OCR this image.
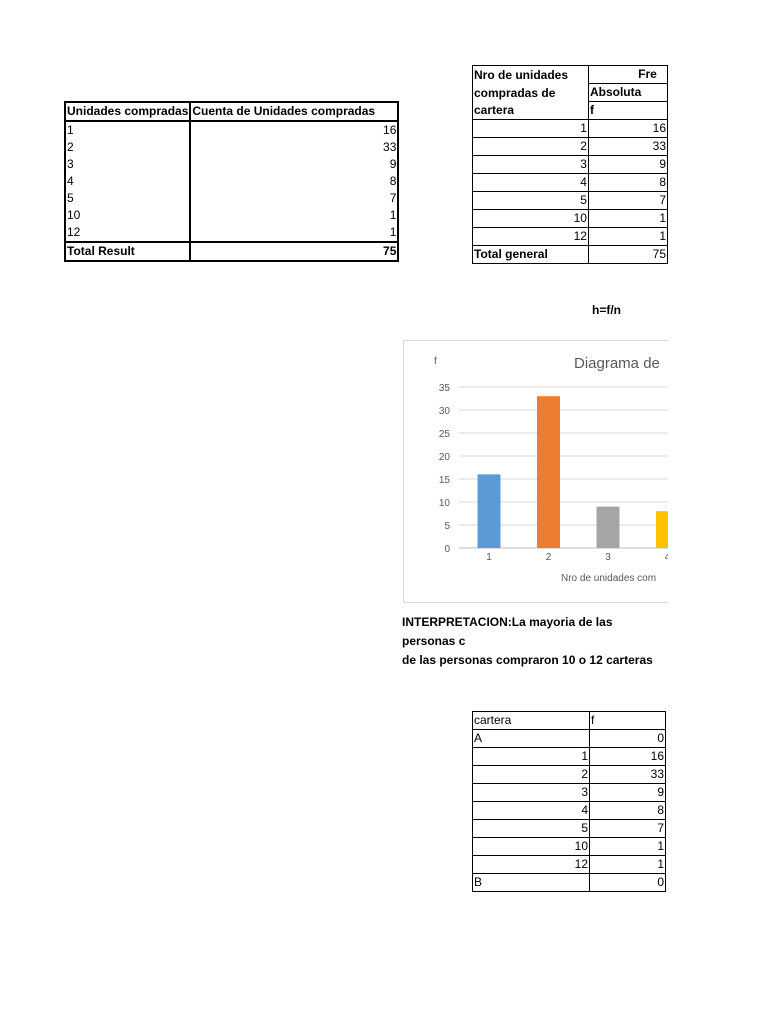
Unidades compradas	Cuenta de Unidades compradas
1	16
2	33
3	9
4	8
5	7
10	1
12	1
Total Result	75
Nro de unidades	Fre
compradas de	Absoluta
cartera	f
1	16
2	33
3	9
4	8
5	7
10	1
12	1
Total general	75
h=f/n
Diagrama de
f
Nro de unidades com
0
5
10
15
20
25
30
35
1	2	3	4
INTERPRETACION:La mayoria de las personas c
de las personas compraron 10 o 12 carteras
cartera	f
A	0
1	16
2	33
3	9
4	8
5	7
10	1
12	1
B	0
